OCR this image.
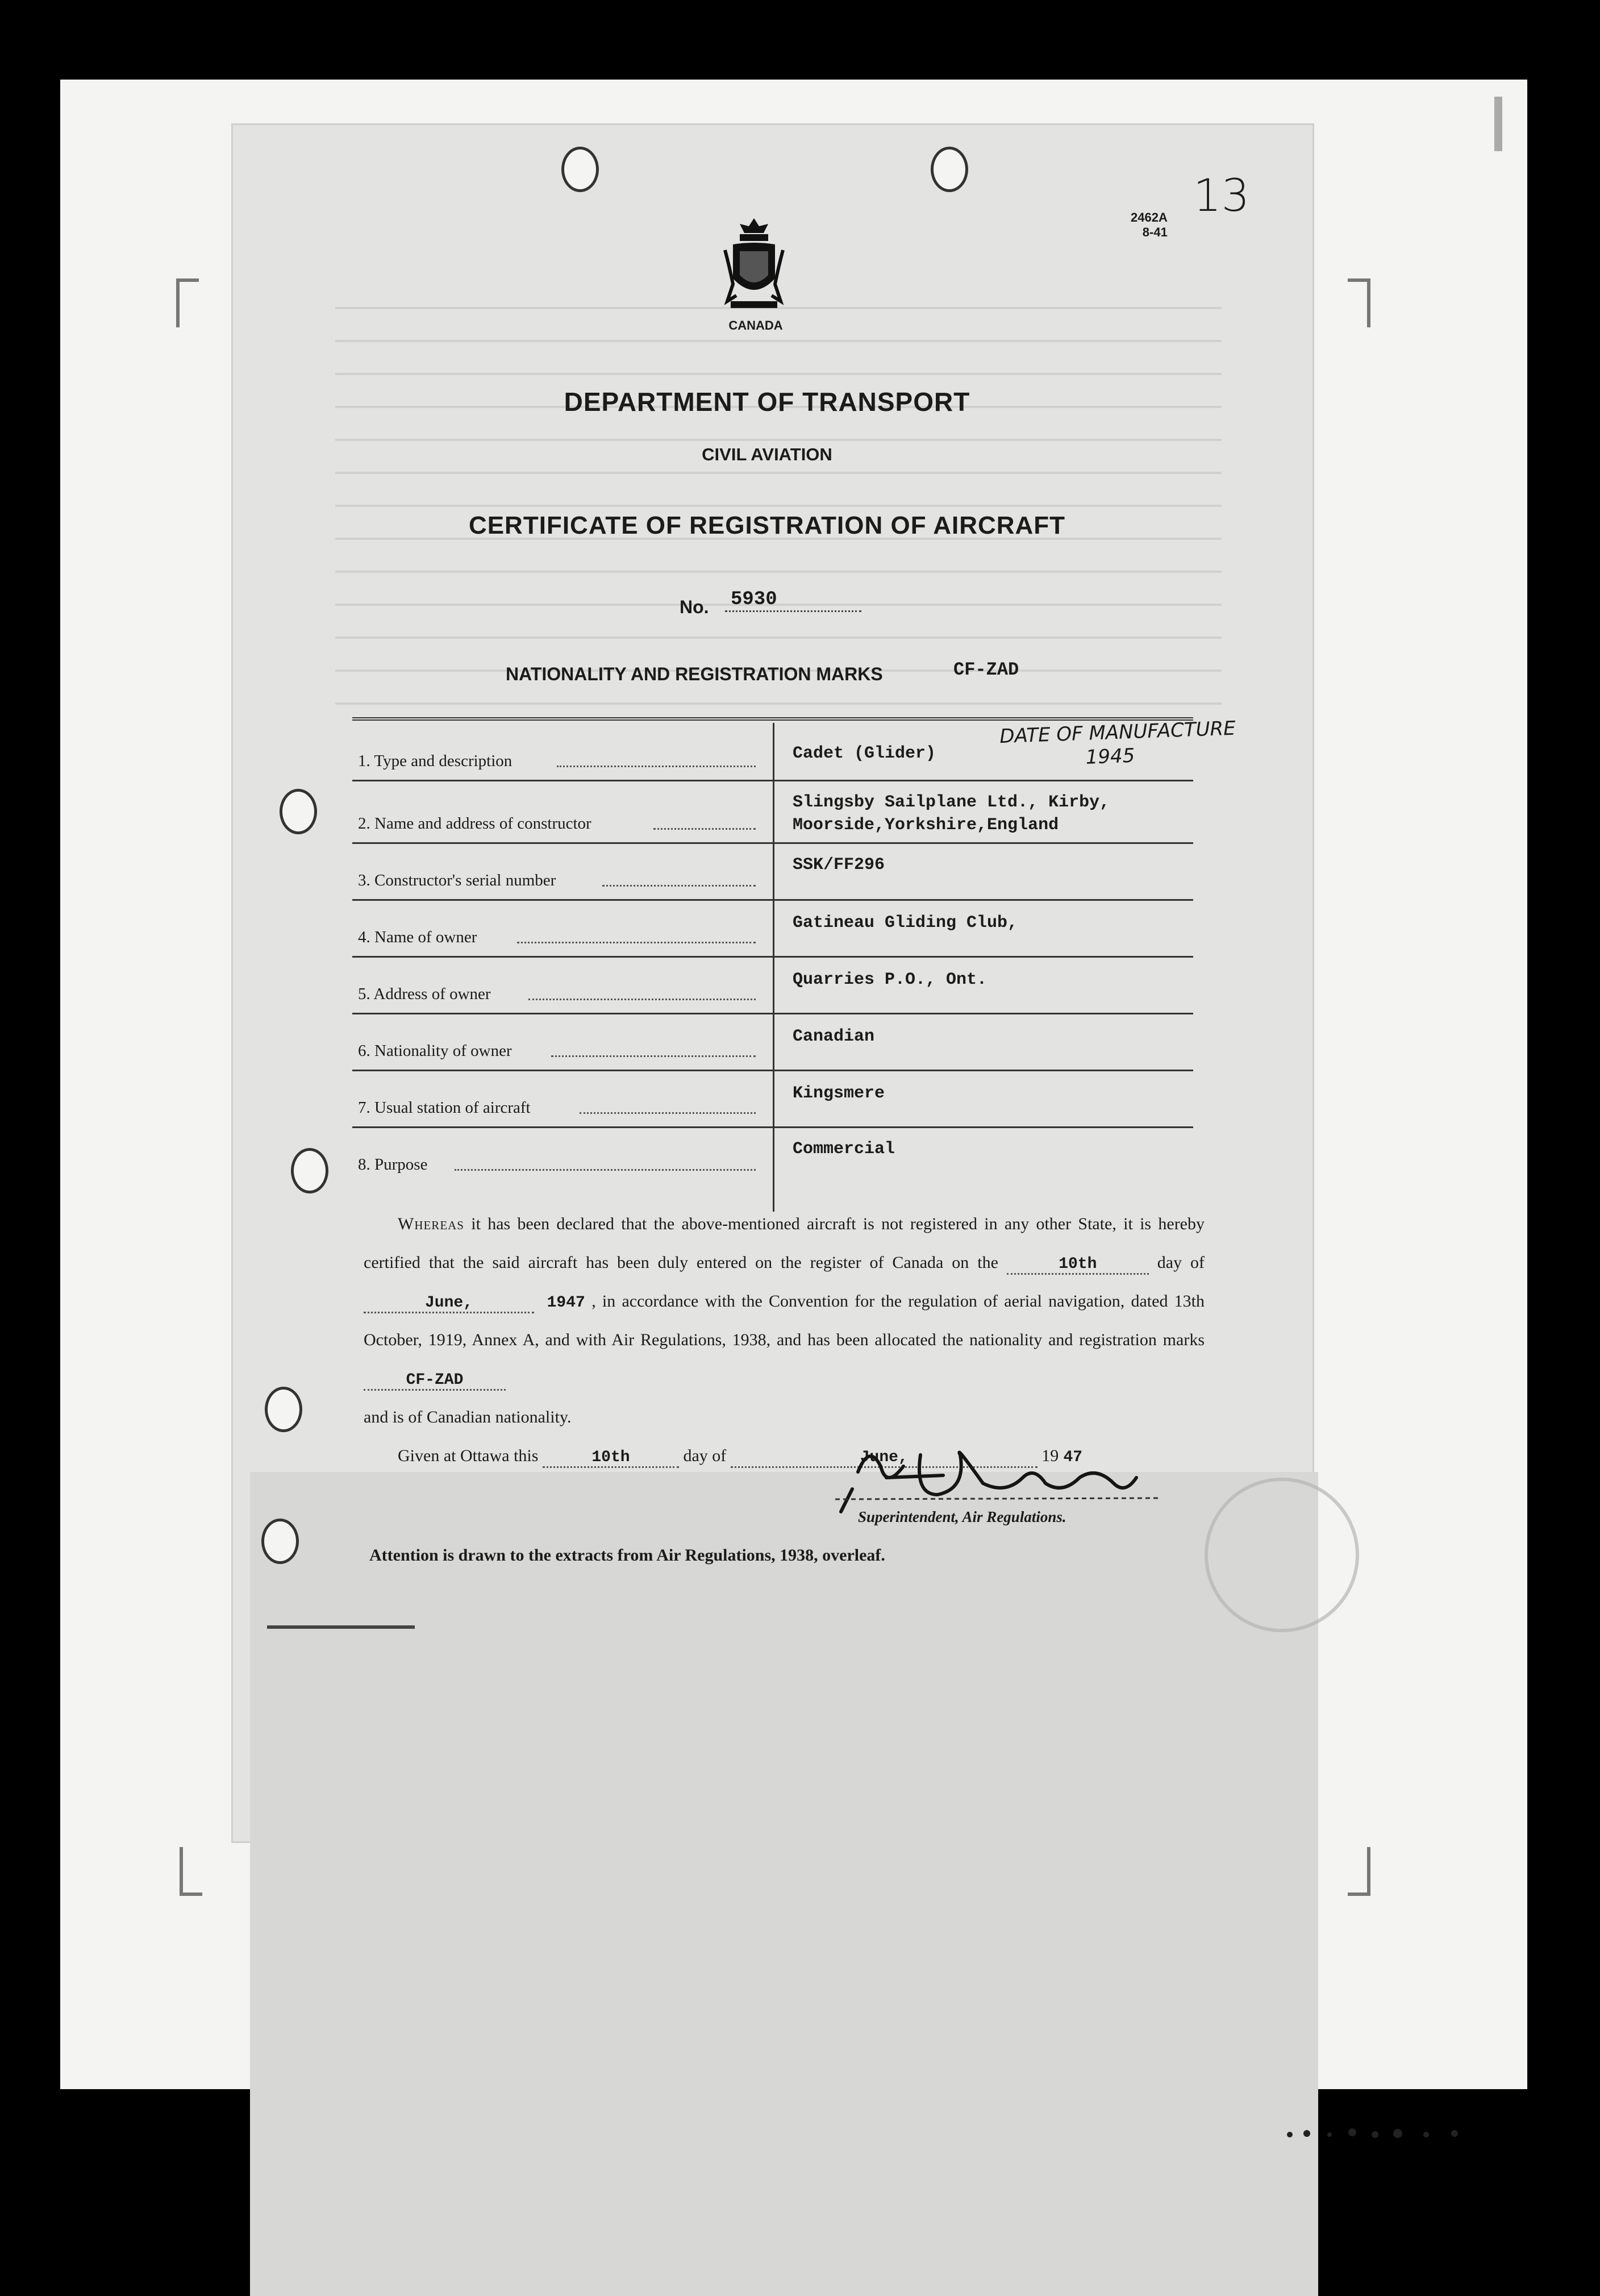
2462A
8-41
13
CANADA
DEPARTMENT OF TRANSPORT
CIVIL AVIATION
CERTIFICATE OF REGISTRATION OF AIRCRAFT
No. 5930
NATIONALITY AND REGISTRATION MARKS	CF-ZAD
DATE OF MANUFACTURE
1945
1. Type and description	Cadet (Glider)
2. Name and address of constructor
Slingsby Sailplane Ltd., Kirby, Moorside,Yorkshire,England
3. Constructor's serial number
SSK/FF296
4. Name of owner
Gatineau Gliding Club,
5. Address of owner
Quarries P.O., Ont.
6. Nationality of owner
Canadian
7. Usual station of aircraft
Kingsmere
8. Purpose
Commercial
Whereas it has been declared that the above-mentioned aircraft is not registered in any other State, it is hereby certified that the said aircraft has been duly entered on the register of Canada on the	10th	day of June,	1947 , in accordance with the Convention for the regulation of aerial navigation, dated 13th October, 1919, Annex A, and with Air Regulations, 1938, and has been allocated the nationality and registration marks CF-ZAD
and is of Canadian nationality.
Given at Ottawa this	10th	day of	June,	19 47
Superintendent, Air Regulations.
Attention is drawn to the extracts from Air Regulations, 1938, overleaf.
